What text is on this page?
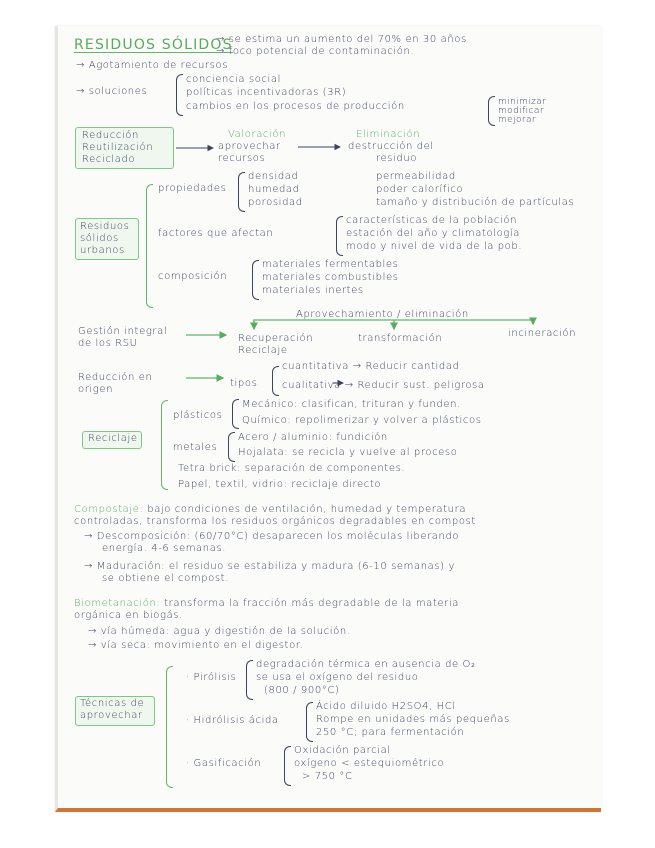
RESIDUOS SÓLIDOS
→ se estima un aumento del 70% en 30 años
→ foco potencial de contaminación.
→ Agotamiento de recursos
→ soluciones
conciencia social
políticas incentivadoras (3R)
cambios en los procesos de producción	minimizar
modificar
mejorar
Reducción
Reutilización
Reciclado
Valoración
aprovechar
recursos
Eliminación
destrucción del
residuo
Residuos
sólidos
urbanos
propiedades
densidad
humedad
porosidad
permeabilidad
poder calorífico
tamaño y distribución de partículas
factores que afectan
características de la población
estación del año y climatología
modo y nivel de vida de la pob.
composición
materiales fermentables
materiales combustibles
materiales inertes
Aprovechamiento / eliminación
Gestión integral
de los RSU	Recuperación
Reciclaje
transformación	incineración
Reducción en
origen
tipos
cuantitativa → Reducir cantidad
cualitativa → Reducir sust. peligrosa
Reciclaje
plásticos
Mecánico: clasifican, trituran y funden.
Químico: repolimerizar y volver a plásticos
metales
Acero / aluminio: fundición
Hojalata: se recicla y vuelve al proceso
Tetra brick: separación de componentes.
Papel, textil, vidrio: reciclaje directo
Compostaje: bajo condiciones de ventilación, humedad y temperatura
controladas, transforma los residuos orgánicos degradables en compost
→ Descomposición: (60/70°C) desaparecen los moléculas liberando
energía. 4-6 semanas.
→ Maduración: el residuo se estabiliza y madura (6-10 semanas) y
se obtiene el compost.
Biometanación: transforma la fracción más degradable de la materia
orgánica en biogás.
→ vía húmeda: agua y digestión de la solución.
→ vía seca: movimiento en el digestor.
Técnicas de
aprovechar
· Pirólisis
degradación térmica en ausencia de O₂
se usa el oxígeno del residuo
(800 / 900°C)
· Hidrólisis ácida
Ácido diluido H2SO4, HCl
Rompe en unidades más pequeñas
250 °C; para fermentación
· Gasificación
Oxidación parcial
oxígeno < estequiométrico
> 750 °C
